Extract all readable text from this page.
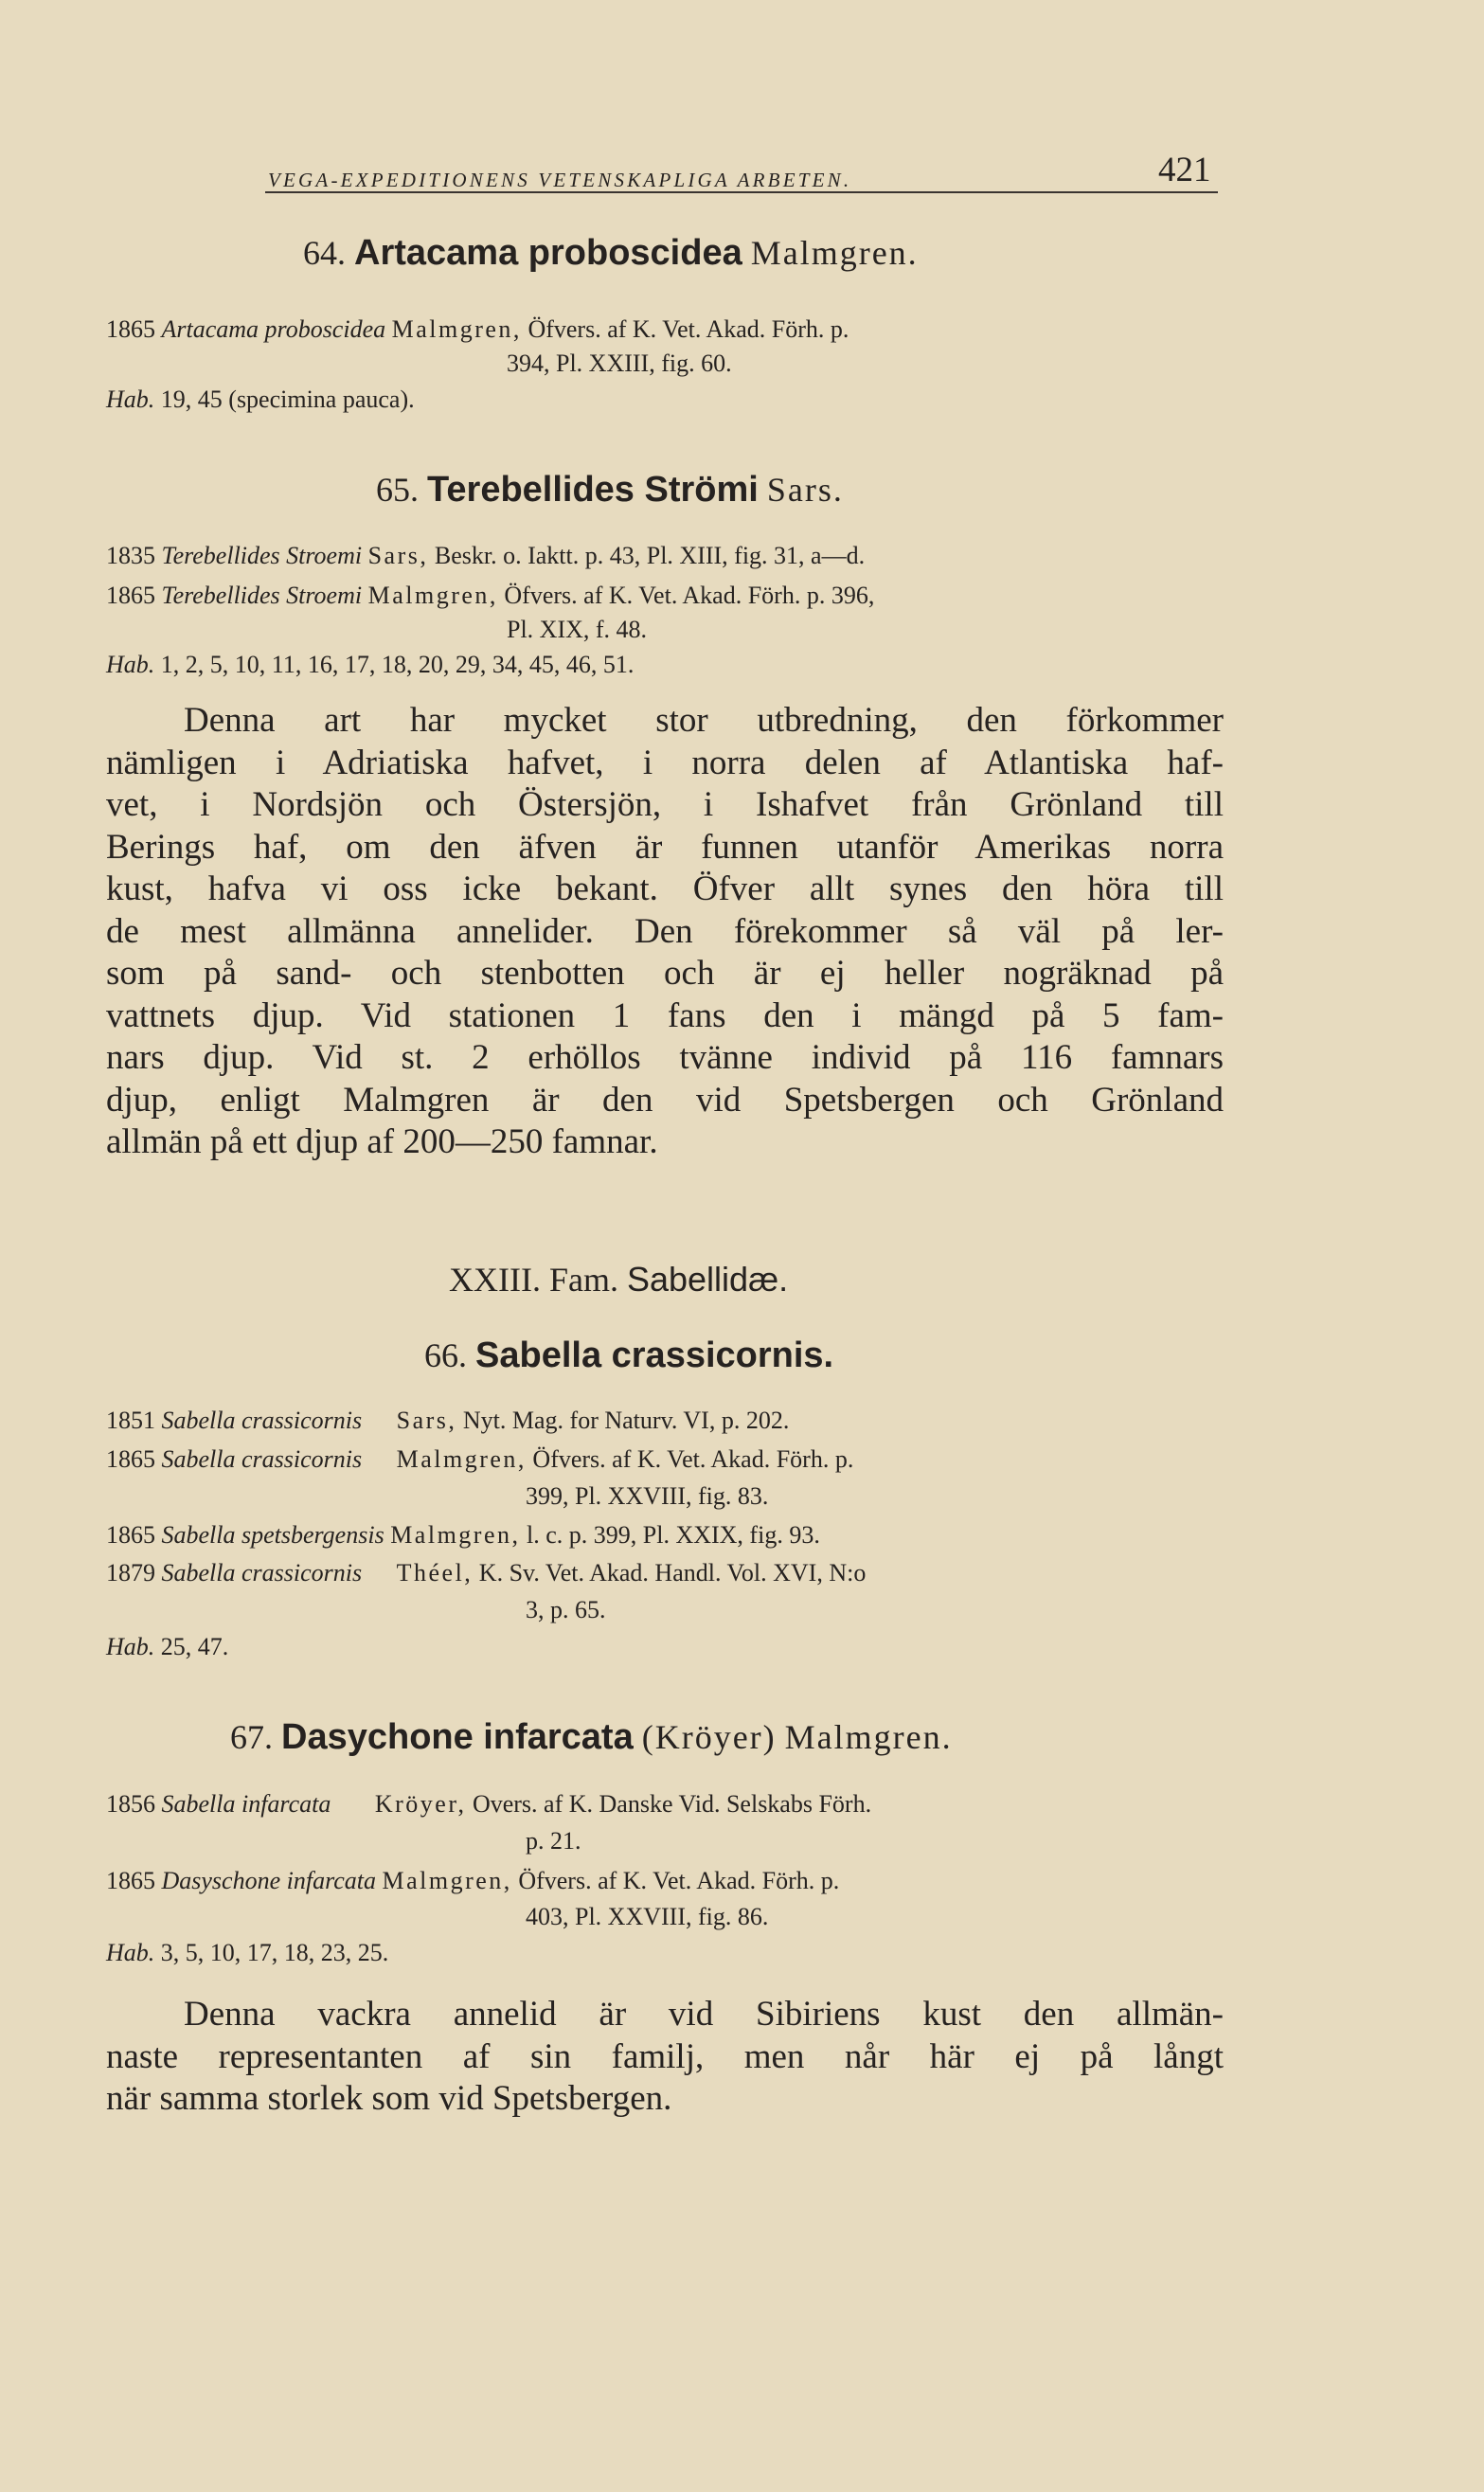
VEGA-EXPEDITIONENS VETENSKAPLIGA ARBETEN.	421
64. Artacama proboscidea Malmgren.
1865 Artacama proboscidea Malmgren, Öfvers. af K. Vet. Akad. Förh. p.
394, Pl. XXIII, fig. 60.
Hab. 19, 45 (specimina pauca).
65. Terebellides Strömi Sars.
1835 Terebellides Stroemi Sars, Beskr. o. Iaktt. p. 43, Pl. XIII, fig. 31, a—d.
1865 Terebellides Stroemi Malmgren, Öfvers. af K. Vet. Akad. Förh. p. 396,
Pl. XIX, f. 48.
Hab. 1, 2, 5, 10, 11, 16, 17, 18, 20, 29, 34, 45, 46, 51.
Denna art har mycket stor utbredning, den förkommer
nämligen i Adriatiska hafvet, i norra delen af Atlantiska haf-
vet, i Nordsjön och Östersjön, i Ishafvet från Grönland till
Berings haf, om den äfven är funnen utanför Amerikas norra
kust, hafva vi oss icke bekant. Öfver allt synes den höra till
de mest allmänna annelider. Den förekommer så väl på ler-
som på sand- och stenbotten och är ej heller nogräknad på
vattnets djup. Vid stationen 1 fans den i mängd på 5 fam-
nars djup. Vid st. 2 erhöllos tvänne individ på 116 famnars
djup, enligt Malmgren är den vid Spetsbergen och Grönland
allmän på ett djup af 200—250 famnar.
XXIII. Fam. Sabellidæ.
66. Sabella crassicornis.
1851 Sabella crassicornis Sars, Nyt. Mag. for Naturv. VI, p. 202.
1865 Sabella crassicornis Malmgren, Öfvers. af K. Vet. Akad. Förh. p.
399, Pl. XXVIII, fig. 83.
1865 Sabella spetsbergensis Malmgren, l. c. p. 399, Pl. XXIX, fig. 93.
1879 Sabella crassicornis Théel, K. Sv. Vet. Akad. Handl. Vol. XVI, N:o
3, p. 65.
Hab. 25, 47.
67. Dasychone infarcata (Kröyer) Malmgren.
1856 Sabella infarcata Kröyer, Overs. af K. Danske Vid. Selskabs Förh.
p. 21.
1865 Dasyschone infarcata Malmgren, Öfvers. af K. Vet. Akad. Förh. p.
403, Pl. XXVIII, fig. 86.
Hab. 3, 5, 10, 17, 18, 23, 25.
Denna vackra annelid är vid Sibiriens kust den allmän-
naste representanten af sin familj, men når här ej på långt
när samma storlek som vid Spetsbergen.
